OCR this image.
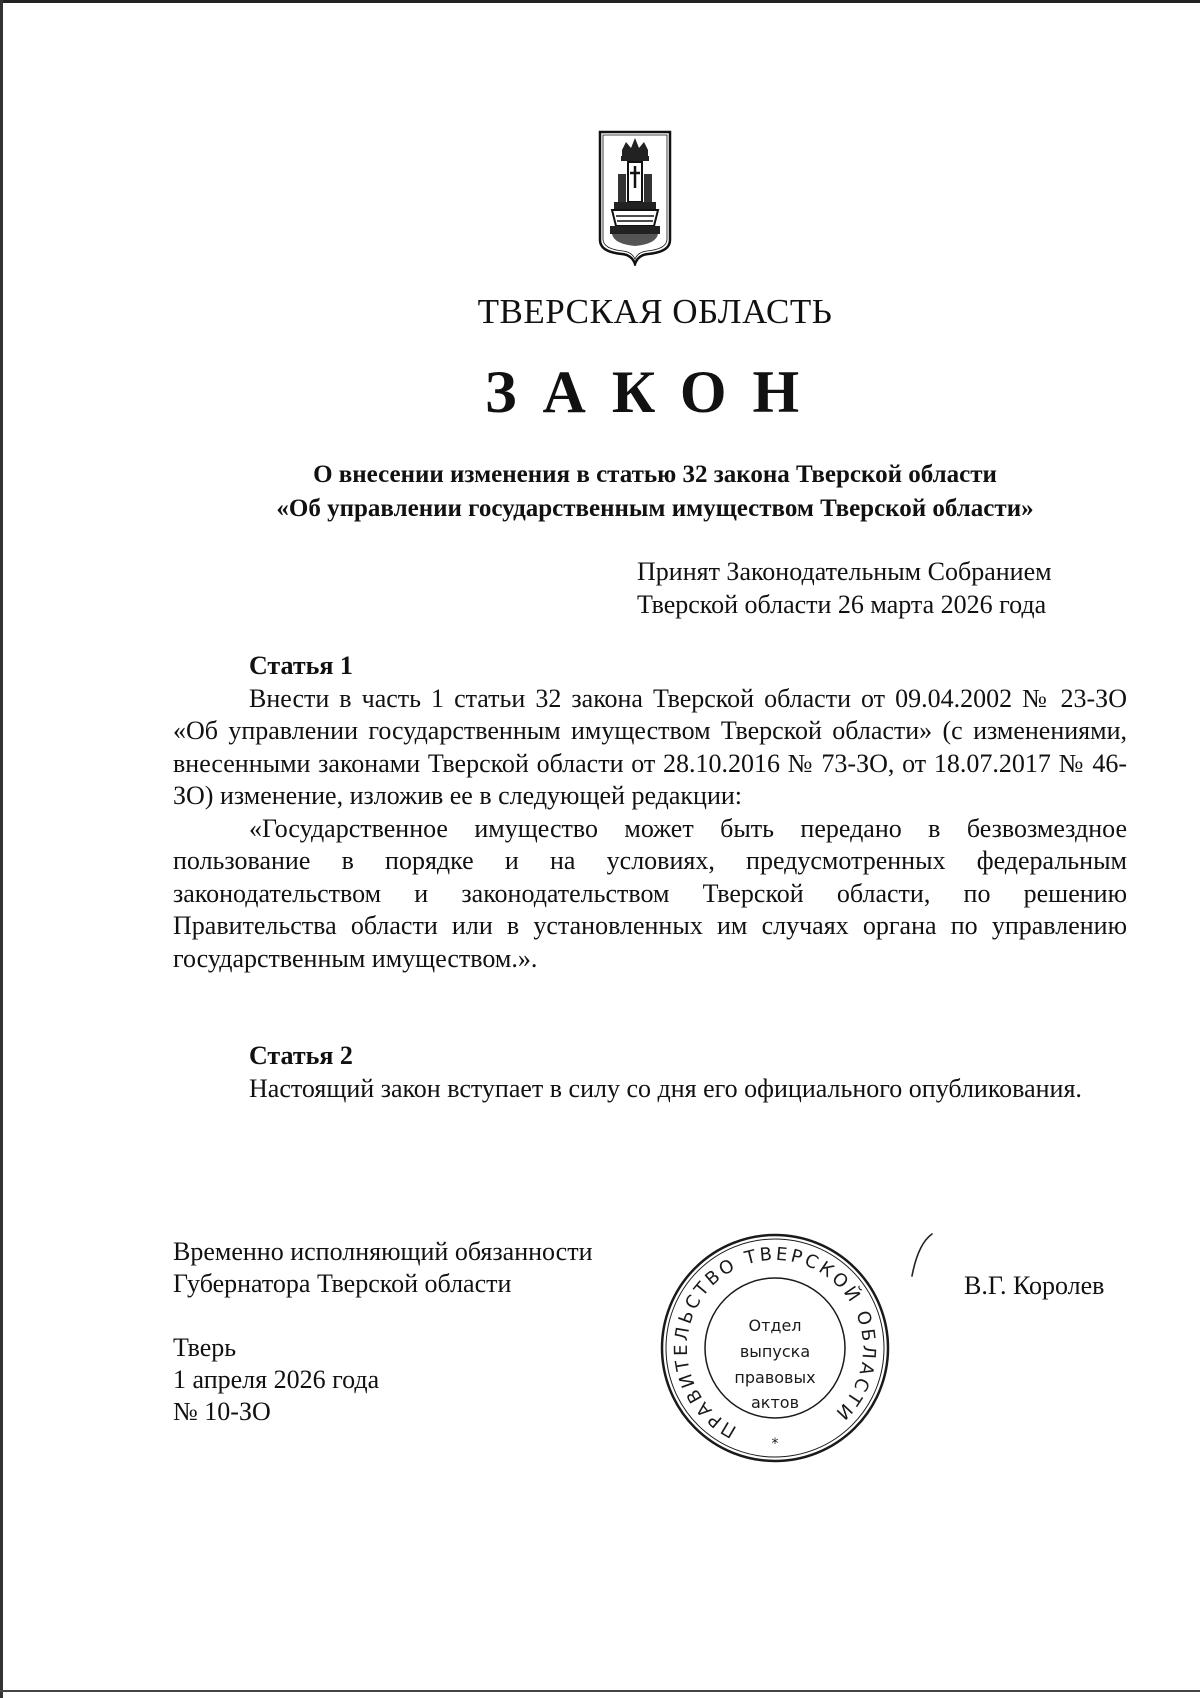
ТВЕРСКАЯ ОБЛАСТЬ
ЗАКОН
О внесении изменения в статью 32 закона Тверской области
«Об управлении государственным имуществом Тверской области»
Принят Законодательным Собранием
Тверской области 26 марта 2026 года
Статья 1
Внести в часть 1 статьи 32 закона Тверской области от 09.04.2002 № 23-ЗО «Об управлении государственным имуществом Тверской области» (с изменениями, внесенными законами Тверской области от 28.10.2016 № 73-ЗО, от 18.07.2017 № 46-ЗО) изменение, изложив ее в следующей редакции:
«Государственное имущество может быть передано в безвозмездное пользование в порядке и на условиях, предусмотренных федеральным законодательством и законодательством Тверской области, по решению Правительства области или в установленных им случаях органа по управлению государственным имуществом.».
Статья 2
Настоящий закон вступает в силу со дня его официального опубликования.
Временно исполняющий обязанности
Губернатора Тверской области
Тверь
1 апреля 2026 года
№ 10-ЗО
ПРАВИТЕЛЬСТВО ТВЕРСКОЙ ОБЛАСТИ
Отдел
выпуска
правовых
актов
*
В.Г. Королев
